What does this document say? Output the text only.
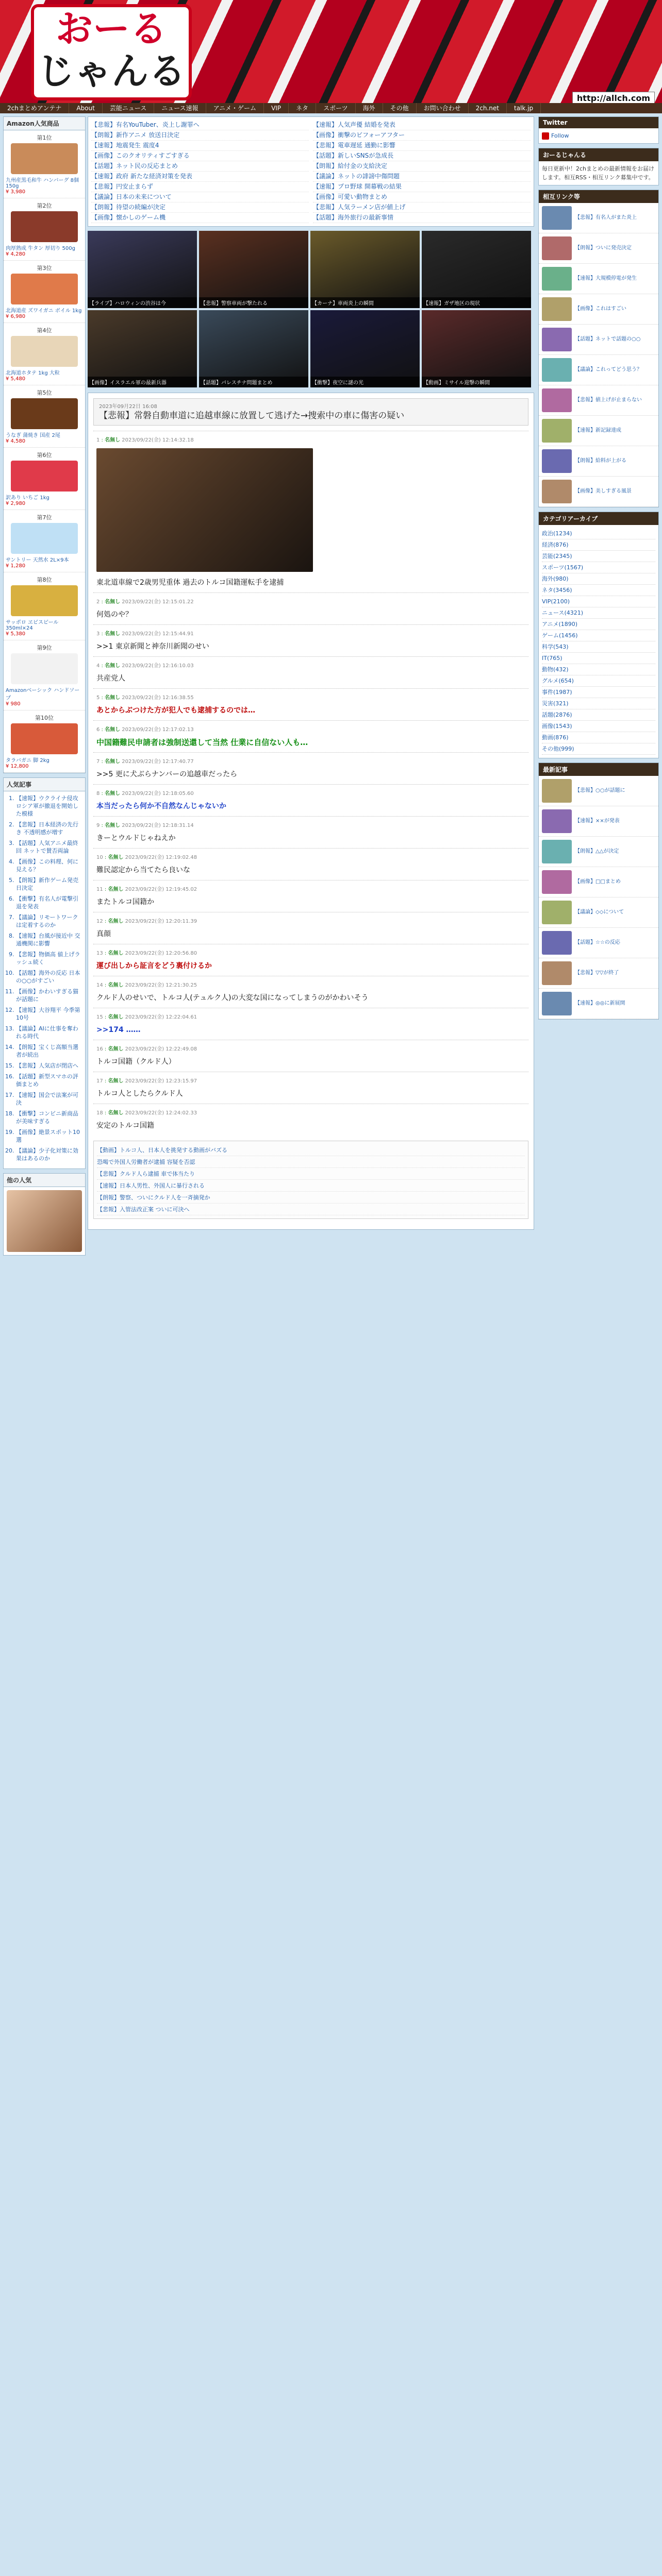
おーる
じゃんる
http://allch.com
2chまとめアンテナ	About	芸能ニュース	ニュース速報	アニメ・ゲーム	VIP	ネタ	スポーツ	海外	その他	お問い合わせ	2ch.net	talk.jp
Amazon人気商品
第1位
九州産黒毛和牛 ハンバーグ 8個 150g
¥ 3,980
第2位
肉厚熟成 牛タン 厚切り 500g
¥ 4,280
第3位
北海道産 ズワイガニ ボイル 1kg
¥ 6,980
第4位
北海道ホタテ 1kg 大粒
¥ 5,480
第5位
うなぎ 蒲焼き 国産 2尾
¥ 4,580
第6位
訳あり いちご 1kg
¥ 2,980
第7位
サントリー 天然水 2L×9本
¥ 1,280
第8位
サッポロ ヱビスビール 350ml×24
¥ 5,380
第9位
Amazonベーシック ハンドソープ
¥ 980
第10位
タラバガニ 脚 2kg
¥ 12,800
人気記事
1. 【速報】ウクライナ侵攻 ロシア軍が撤退を開始した模様
2. 【悲報】日本経済の先行き 不透明感が増す
3. 【話題】人気アニメ最終回 ネットで賛否両論
4. 【画像】この料理、何に見える？
5. 【朗報】新作ゲーム発売日決定
6. 【衝撃】有名人が電撃引退を発表
7. 【議論】リモートワークは定着するのか
8. 【速報】台風が接近中 交通機関に影響
9. 【悲報】物価高 値上げラッシュ続く
10. 【話題】海外の反応 日本の○○がすごい
11. 【画像】かわいすぎる猫が話題に
12. 【速報】大谷翔平 今季第10号
13. 【議論】AIに仕事を奪われる時代
14. 【朗報】宝くじ高額当選者が続出
15. 【悲報】人気店が閉店へ
16. 【話題】新型スマホの評価まとめ
17. 【速報】国会で法案が可決
18. 【衝撃】コンビニ新商品が美味すぎる
19. 【画像】絶景スポット10選
20. 【議論】少子化対策に効果はあるのか
他の人気
【悲報】有名YouTuber、炎上し謝罪へ
【朗報】新作アニメ 放送日決定
【速報】地震発生 震度4
【画像】このクオリティすごすぎる
【話題】ネット民の反応まとめ
【速報】政府 新たな経済対策を発表
【悲報】円安止まらず
【議論】日本の未来について
【朗報】待望の続編が決定
【画像】懐かしのゲーム機
【速報】人気声優 結婚を発表
【画像】衝撃のビフォーアフター
【悲報】電車遅延 通勤に影響
【話題】新しいSNSが急成長
【朗報】給付金の支給決定
【議論】ネットの誹謗中傷問題
【速報】プロ野球 開幕戦の結果
【画像】可愛い動物まとめ
【悲報】人気ラーメン店が値上げ
【話題】海外旅行の最新事情
【ライブ】ハロウィンの渋谷は今	【悲報】警察車両が撃たれる	【カーナ】車両炎上の瞬間	【速報】ガザ地区の現状
【画像】イスラエル軍の最新兵器	【話題】パレスチナ問題まとめ	【衝撃】夜空に謎の光	【動画】ミサイル迎撃の瞬間
2023年09月22日 16:08
【悲報】常磐自動車道に追越車線に放置して逃げた→捜索中の車に傷害の疑い
1 : 名無し 2023/09/22(金) 12:14:32.18
東北道車線で2歳男児重体 過去のトルコ国籍運転手を逮捕
2 : 名無し 2023/09/22(金) 12:15:01.22
何処のや？
3 : 名無し 2023/09/22(金) 12:15:44.91
>>1 東京新聞と神奈川新聞のせい
4 : 名無し 2023/09/22(金) 12:16:10.03
共産党人
5 : 名無し 2023/09/22(金) 12:16:38.55
あとからぶつけた方が犯人でも逮捕するのでは…
6 : 名無し 2023/09/22(金) 12:17:02.13
中国籍難民申請者は強制送還して当然 仕業に自信ない人も…
7 : 名無し 2023/09/22(金) 12:17:40.77
>>5 更に犬ぶらナンバーの追越車だったら
8 : 名無し 2023/09/22(金) 12:18:05.60
本当だったら何か不自然なんじゃないか
9 : 名無し 2023/09/22(金) 12:18:31.14
きーとウルドじゃねえか
10 : 名無し 2023/09/22(金) 12:19:02.48
難民認定から当てたら良いな
11 : 名無し 2023/09/22(金) 12:19:45.02
またトルコ国籍か
12 : 名無し 2023/09/22(金) 12:20:11.39
真顔
13 : 名無し 2023/09/22(金) 12:20:56.80
運び出しから証言をどう裏付けるか
14 : 名無し 2023/09/22(金) 12:21:30.25
クルド人のせいで、トルコ人(テュルク人)の大変な国になってしまうのがかわいそう
15 : 名無し 2023/09/22(金) 12:22:04.61
>>174 ……
16 : 名無し 2023/09/22(金) 12:22:49.08
トルコ国籍（クルド人）
17 : 名無し 2023/09/22(金) 12:23:15.97
トルコ人としたらクルド人
18 : 名無し 2023/09/22(金) 12:24:02.33
安定のトルコ国籍
【動画】トルコ人、日本人を挑発する動画がバズる
恐喝で外国人労働者が逮捕 容疑を否認
【悲報】クルド人ら逮捕 車で体当たり
【速報】日本人男性、外国人に暴行される
【朗報】警察、ついにクルド人を一斉摘発か
【悲報】入管法改正案 ついに可決へ
Twitter
Follow
おーるじゃんる
毎日更新中！2chまとめの最新情報をお届けします。相互RSS・相互リンク募集中です。
相互リンク等
【悲報】有名人がまた炎上
【朗報】ついに発売決定
【速報】大規模停電が発生
【画像】これはすごい
【話題】ネットで話題の○○
【議論】これってどう思う？
【悲報】値上げが止まらない
【速報】新記録達成
【朗報】給料が上がる
【画像】美しすぎる風景
カテゴリアーカイブ
政治(1234)
経済(876)
芸能(2345)
スポーツ(1567)
海外(980)
ネタ(3456)
VIP(2100)
ニュース(4321)
アニメ(1890)
ゲーム(1456)
科学(543)
IT(765)
動物(432)
グルメ(654)
事件(1987)
災害(321)
話題(2876)
画像(1543)
動画(876)
その他(999)
最新記事
【悲報】○○が話題に
【速報】××が発表
【朗報】△△が決定
【画像】□□まとめ
【議論】◇◇について
【話題】☆☆の反応
【悲報】▽▽が終了
【速報】◎◎に新展開
